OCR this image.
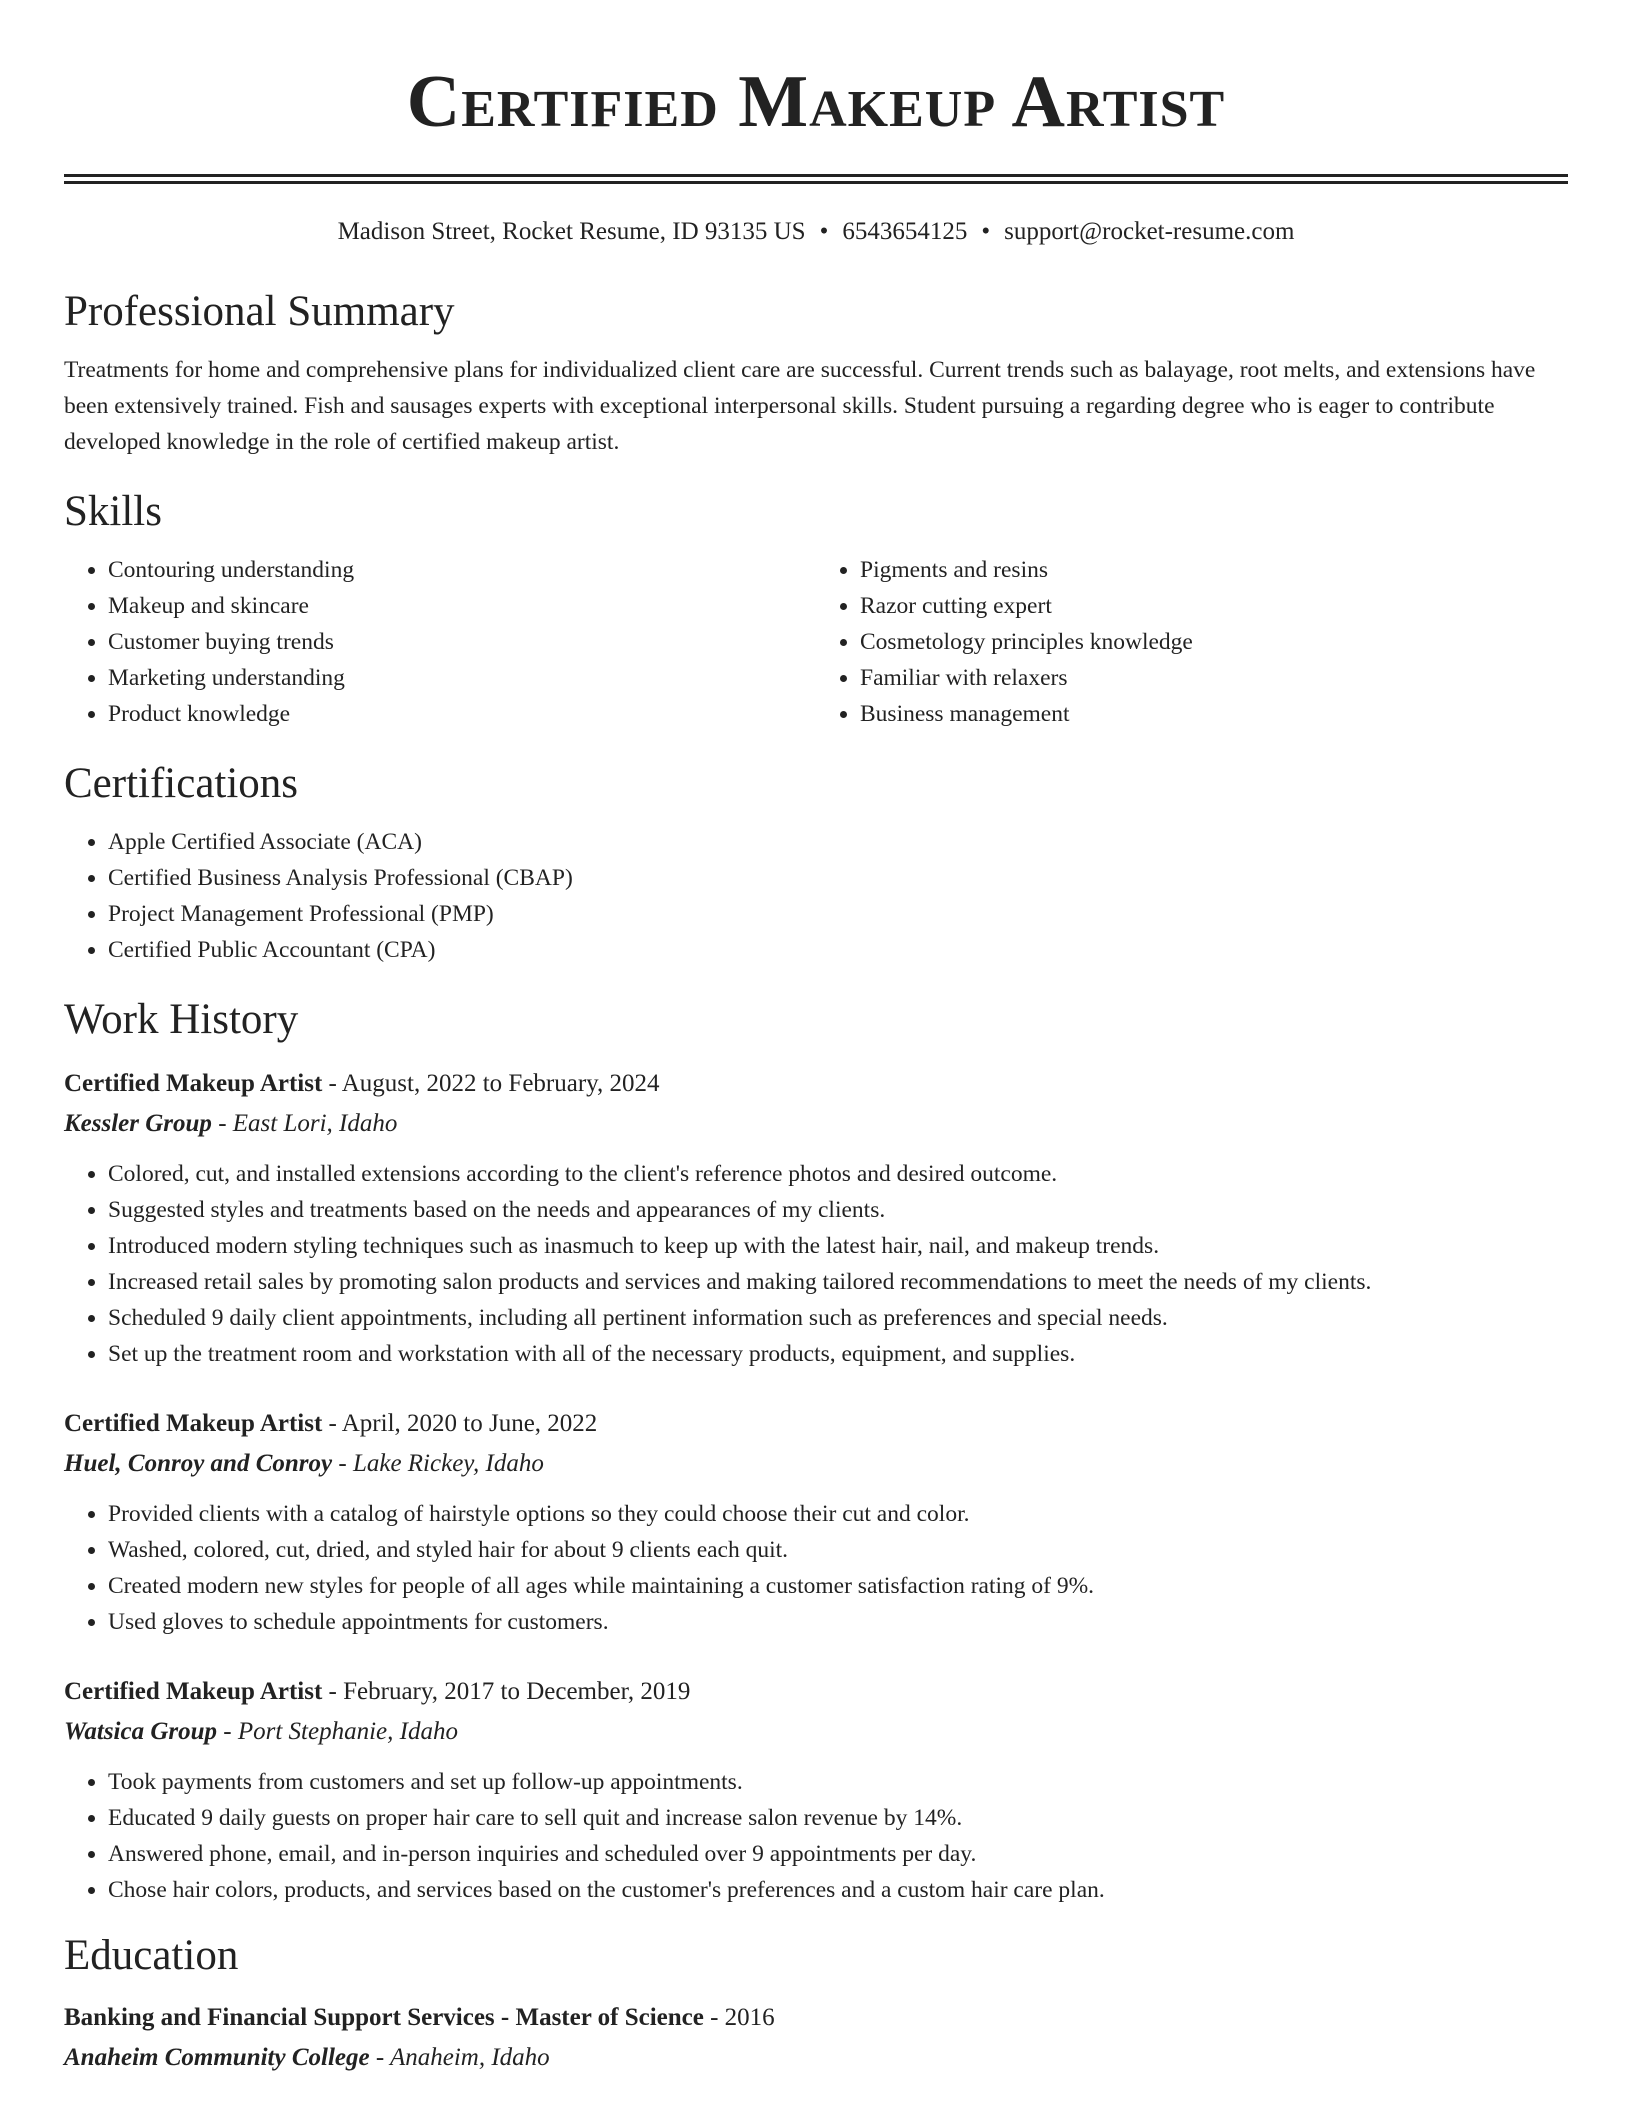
Certified Makeup Artist
Madison Street, Rocket Resume, ID 93135 US • 6543654125 • support@rocket-resume.com
Professional Summary

Treatments for home and comprehensive plans for individualized client care are successful. Current trends such as balayage, root melts, and extensions have been extensively trained. Fish and sausages experts with exceptional interpersonal skills. Student pursuing a regarding degree who is eager to contribute developed knowledge in the role of certified makeup artist.

Skills
• Contouring understanding
• Makeup and skincare
• Customer buying trends
• Marketing understanding
• Product knowledge
• Pigments and resins
• Razor cutting expert
• Cosmetology principles knowledge
• Familiar with relaxers
• Business management
Certifications
• Apple Certified Associate (ACA)
• Certified Business Analysis Professional (CBAP)
• Project Management Professional (PMP)
• Certified Public Accountant (CPA)
Work History
Certified Makeup Artist - August, 2022 to February, 2024
Kessler Group - East Lori, Idaho
• Colored, cut, and installed extensions according to the client's reference photos and desired outcome.
• Suggested styles and treatments based on the needs and appearances of my clients.
• Introduced modern styling techniques such as inasmuch to keep up with the latest hair, nail, and makeup trends.
• Increased retail sales by promoting salon products and services and making tailored recommendations to meet the needs of my clients.
• Scheduled 9 daily client appointments, including all pertinent information such as preferences and special needs.
• Set up the treatment room and workstation with all of the necessary products, equipment, and supplies.
Certified Makeup Artist - April, 2020 to June, 2022
Huel, Conroy and Conroy - Lake Rickey, Idaho
• Provided clients with a catalog of hairstyle options so they could choose their cut and color.
• Washed, colored, cut, dried, and styled hair for about 9 clients each quit.
• Created modern new styles for people of all ages while maintaining a customer satisfaction rating of 9%.
• Used gloves to schedule appointments for customers.
Certified Makeup Artist - February, 2017 to December, 2019
Watsica Group - Port Stephanie, Idaho
• Took payments from customers and set up follow-up appointments.
• Educated 9 daily guests on proper hair care to sell quit and increase salon revenue by 14%.
• Answered phone, email, and in-person inquiries and scheduled over 9 appointments per day.
• Chose hair colors, products, and services based on the customer's preferences and a custom hair care plan.
Education
Banking and Financial Support Services - Master of Science - 2016
Anaheim Community College - Anaheim, Idaho
